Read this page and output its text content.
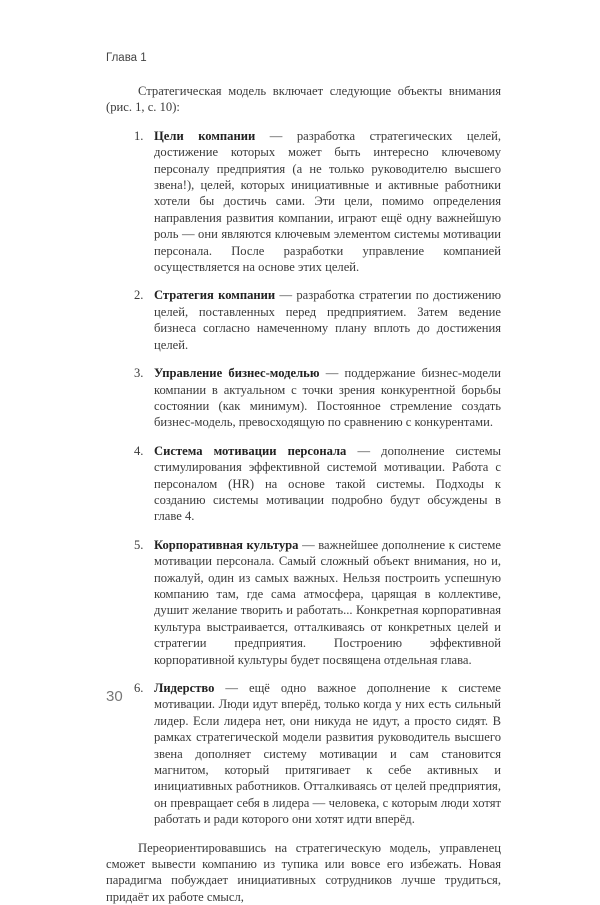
Глава 1

Стратегическая модель включает следующие объекты внимания (рис. 1, с. 10):

1. Цели компании — разработка стратегических целей, достижение которых может быть интересно ключевому персоналу предприятия (а не только руководителю высшего звена!), целей, которых инициативные и активные работники хотели бы достичь сами. Эти цели, помимо определения направления развития компании, играют ещё одну важнейшую роль — они являются ключевым элементом системы мотивации персонала. После разработки управление компанией осуществляется на основе этих целей.
2. Стратегия компании — разработка стратегии по достижению целей, поставленных перед предприятием. Затем ведение бизнеса согласно намеченному плану вплоть до достижения целей.
3. Управление бизнес-моделью — поддержание бизнес-модели компании в актуальном с точки зрения конкурентной борьбы состоянии (как минимум). Постоянное стремление создать бизнес-модель, превосходящую по сравнению с конкурентами.
4. Система мотивации персонала — дополнение системы стимулирования эффективной системой мотивации. Работа с персоналом (HR) на основе такой системы. Подходы к созданию системы мотивации подробно будут обсуждены в главе 4.
5. Корпоративная культура — важнейшее дополнение к системе мотивации персонала. Самый сложный объект внимания, но и, пожалуй, один из самых важных. Нельзя построить успешную компанию там, где сама атмосфера, царящая в коллективе, душит желание творить и работать... Конкретная корпоративная культура выстраивается, отталкиваясь от конкретных целей и стратегии предприятия. Построению эффективной корпоративной культуры будет посвящена отдельная глава.
6. Лидерство — ещё одно важное дополнение к системе мотивации. Люди идут вперёд, только когда у них есть сильный лидер. Если лидера нет, они никуда не идут, а просто сидят. В рамках стратегической модели развития руководитель высшего звена дополняет систему мотивации и сам становится магнитом, который притягивает к себе активных и инициативных работников. Отталкиваясь от целей предприятия, он превращает себя в лидера — человека, с которым люди хотят работать и ради которого они хотят идти вперёд.

Переориентировавшись на стратегическую модель, управленец сможет вывести компанию из тупика или вовсе его избежать. Новая парадигма побуждает инициативных сотрудников лучше трудиться, придаёт их работе смысл,

30
